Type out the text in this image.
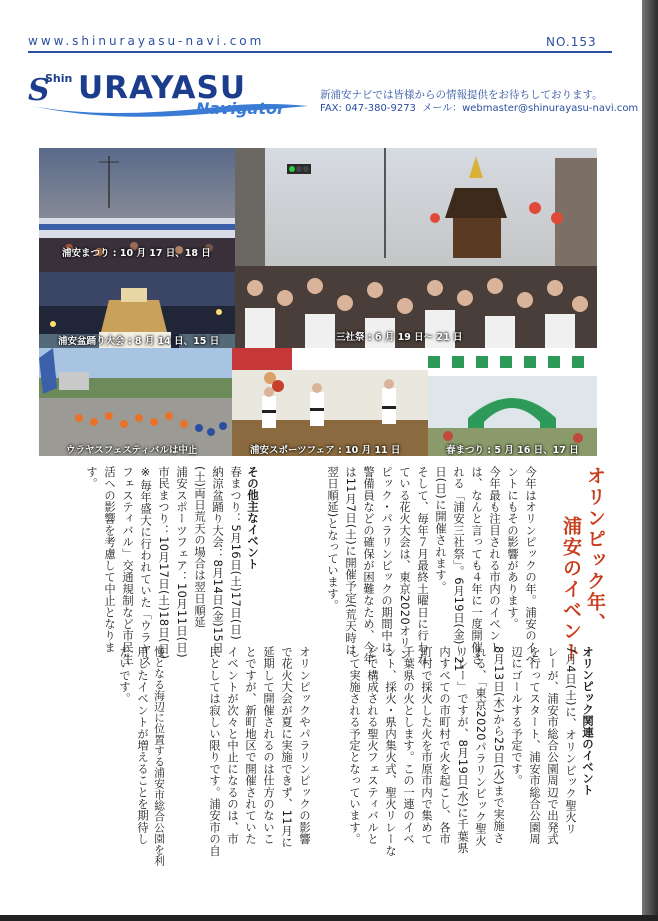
www.shinurayasu-navi.com	NO.153
S
Shin URAYASU
Navigator
新浦安ナビでは皆様からの情報提供をお待ちしております。
FAX: 047-380-9273 メール：webmaster@shinurayasu-navi.com
浦安まつり : 10 月 17 日、18 日
浦安盆踊り大会 : 8 月 14 日、15 日	三社祭 : 6 月 19 日～ 21 日
ウラヤスフェスティバルは中止	浦安スポーツフェア : 10 月 11 日	春まつり : 5 月 16 日、17 日
オリンピック年、
浦安のイベント
今年はオリンピックの年。浦安のイベ
ントにもその影響があります。
今年最も注目される市内のイベント
は、なんと言っても４年に一度開催さ
れる「浦安三社祭」。6月19日(金)～21
日(日)に開催されます。
そして、毎年７月最終土曜日に行われ
ている花火大会は、東京2020オリン
ピック・パラリンピックの期間中は、
警備員などの確保が困難なため、今年
は11月7日(土)に開催予定(荒天時は
翌日順延)となっています。
その他主なイベント
春まつり：5月16日(土)17日(日)
納涼盆踊り大会：8月14日(金)15日
(土)両日荒天の場合は翌日順延
浦安スポーツフェア：10月11日(日)
市民まつり：10月17日(土)18日(日)
※毎年盛大に行われていた「ウラヤス
フェスティバル」交通規制など市民生
活への影響を考慮して中止となりま
す。
オリンピック関連のイベント
7月4日(土)に、オリンピック聖火リ
レーが、浦安市総合公園周辺で出発式
を行ってスタート、浦安市総合公園周
辺にゴールする予定です。
8月13日(木)から25日(火)まで実施さ
れる、「東京2020パラリンピック聖火
リレー」ですが、8月19日(水)に千葉県
内すべての市町村で火を起こし、各市
町村で採火した火を市原市内で集めて
千葉県の火とします。この一連のイベ
ント、採火・県内集火式、聖火リレーな
どで構成される聖火フェスティバルと
して実施される予定となっています。
オリンピックやパラリンピックの影響
で花火大会が夏に実施できず、11月に
延期して開催されるのは仕方のないこ
とですが、新町地区で開催されていた
イベントが次々と中止になるのは、市
民としては寂しい限りです。浦安市の自
慢となる海辺に位置する浦安市総合公園を利
用したイベントが増えることを期待し
たいです。
